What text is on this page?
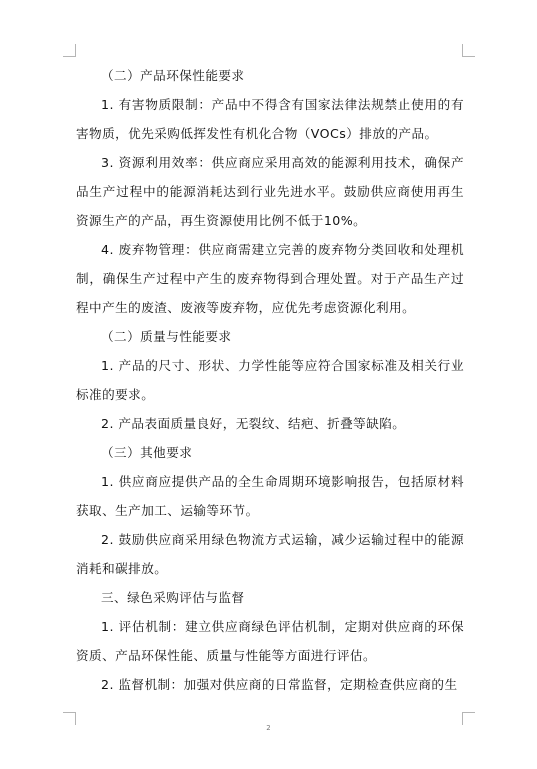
（二）产品环保性能要求

1. 有害物质限制：产品中不得含有国家法律法规禁止使用的有害物质，优先采购低挥发性有机化合物（VOCs）排放的产品。

3. 资源利用效率：供应商应采用高效的能源利用技术，确保产品生产过程中的能源消耗达到行业先进水平。鼓励供应商使用再生资源生产的产品，再生资源使用比例不低于10%。

4. 废弃物管理：供应商需建立完善的废弃物分类回收和处理机制，确保生产过程中产生的废弃物得到合理处置。对于产品生产过程中产生的废渣、废液等废弃物，应优先考虑资源化利用。

（二）质量与性能要求

1. 产品的尺寸、形状、力学性能等应符合国家标准及相关行业标准的要求。

2. 产品表面质量良好，无裂纹、结疤、折叠等缺陷。

（三）其他要求

1. 供应商应提供产品的全生命周期环境影响报告，包括原材料获取、生产加工、运输等环节。

2. 鼓励供应商采用绿色物流方式运输，减少运输过程中的能源消耗和碳排放。

三、绿色采购评估与监督

1. 评估机制：建立供应商绿色评估机制，定期对供应商的环保资质、产品环保性能、质量与性能等方面进行评估。

2. 监督机制：加强对供应商的日常监督，定期检查供应商的生

2
